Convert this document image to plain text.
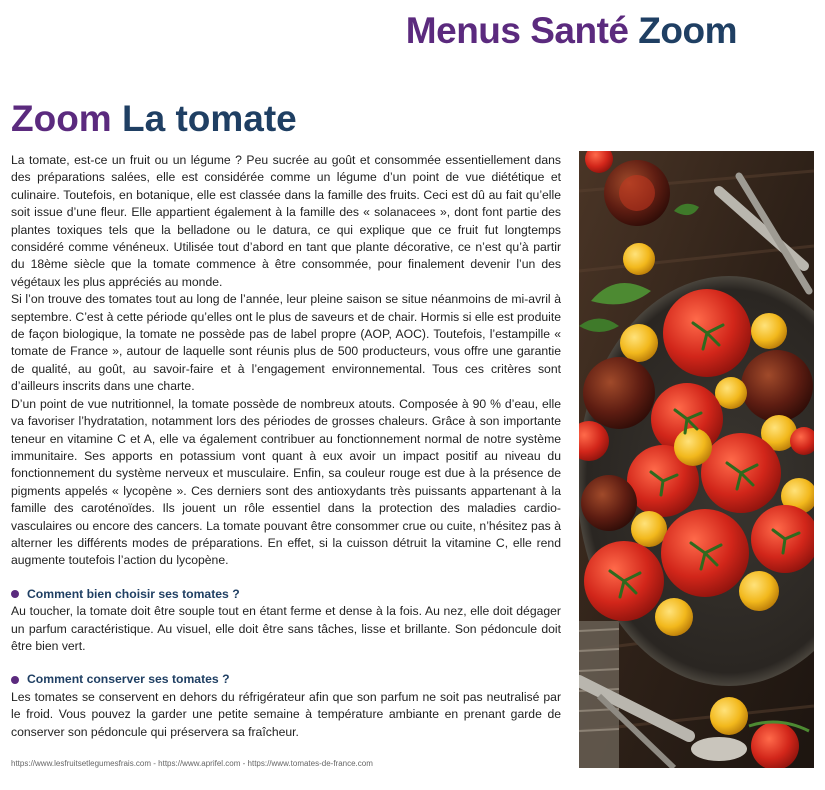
Menus Santé Zoom
Zoom La tomate

La tomate, est-ce un fruit ou un légume ? Peu sucrée au goût et consommée essentiellement dans des préparations salées, elle est considérée comme un légume d’un point de vue diététique et culinaire. Toutefois, en botanique, elle est classée dans la famille des fruits. Ceci est dû au fait qu’elle soit issue d’une fleur. Elle appartient également à la famille des « solanacees », dont font partie des plantes toxiques tels que la belladone ou le datura, ce qui explique que ce fruit fut longtemps considéré comme vénéneux. Utilisée tout d’abord en tant que plante décorative, ce n’est qu’à partir du 18ème siècle que la tomate commence à être consommée, pour finalement devenir l’un des végétaux les plus appréciés au monde.

Si l’on trouve des tomates tout au long de l’année, leur pleine saison se situe néanmoins de mi-avril à septembre. C’est à cette période qu’elles ont le plus de saveurs et de chair. Hormis si elle est produite de façon biologique, la tomate ne possède pas de label propre (AOP, AOC). Toutefois, l’estampille « tomate de France », autour de laquelle sont réunis plus de 500 producteurs, vous offre une garantie de qualité, au goût, au savoir-faire et à l’engagement environnemental. Tous ces critères sont d’ailleurs inscrits dans une charte.

D’un point de vue nutritionnel, la tomate possède de nombreux atouts. Composée à 90 % d’eau, elle va favoriser l’hydratation, notamment lors des périodes de grosses chaleurs. Grâce à son importante teneur en vitamine C et A, elle va également contribuer au fonctionnement normal de notre système immunitaire. Ses apports en potassium vont quant à eux avoir un impact positif au niveau du fonctionnement du système nerveux et musculaire. Enfin, sa couleur rouge est due à la présence de pigments appelés « lycopène ». Ces derniers sont des antioxydants très puissants appartenant à la famille des caroténoïdes. Ils jouent un rôle essentiel dans la protection des maladies cardio-vasculaires ou encore des cancers. La tomate pouvant être consommer crue ou cuite, n’hésitez pas à alterner les différents modes de préparations. En effet, si la cuisson détruit la vitamine C, elle rend augmente toutefois l’action du lycopène.

Comment bien choisir ses tomates ?

Au toucher, la tomate doit être souple tout en étant ferme et dense à la fois. Au nez, elle doit dégager un parfum caractéristique. Au visuel, elle doit être sans tâches, lisse et brillante. Son pédoncule doit être bien vert.

Comment conserver ses tomates ?

Les tomates se conservent en dehors du réfrigérateur afin que son parfum ne soit pas neutralisé par le froid. Vous pouvez la garder une petite semaine à température ambiante en prenant garde de conserver son pédoncule qui préservera sa fraîcheur.

https://www.lesfruitsetlegumesfrais.com - https://www.aprifel.com - https://www.tomates-de-france.com
